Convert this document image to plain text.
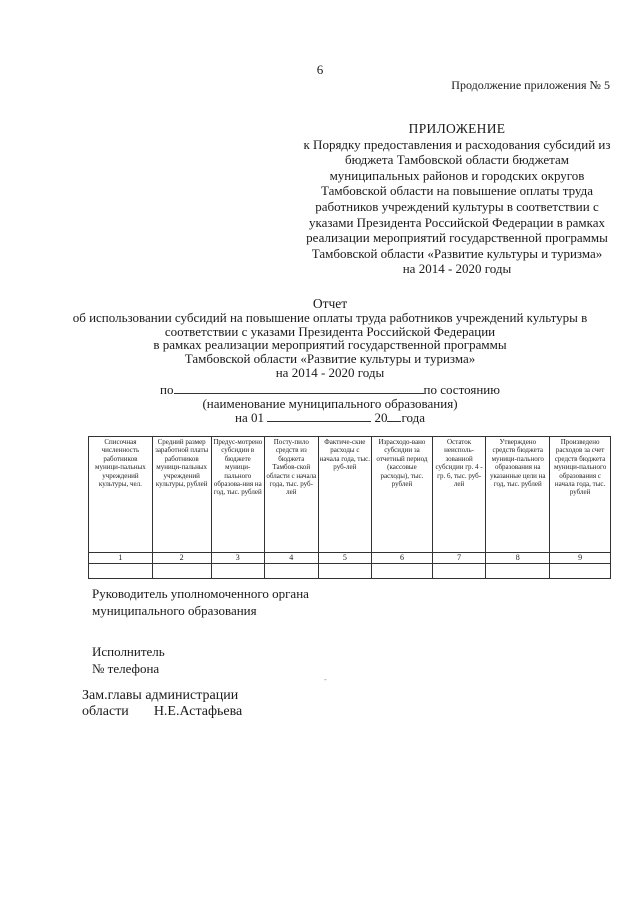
6
Продолжение приложения № 5
ПРИЛОЖЕНИЕ
к Порядку предоставления и расходования субсидий из
бюджета Тамбовской области бюджетам
муниципальных районов и городских округов
Тамбовской области на повышение оплаты труда
работников учреждений культуры в соответствии с
указами Президента Российской Федерации в рамках
реализации мероприятий государственной программы
Тамбовской области «Развитие культуры и туризма»
на 2014 - 2020 годы
Отчет
об использовании субсидий на повышение оплаты труда работников учреждений культуры в
соответствии с указами Президента Российской Федерации
в рамках реализации мероприятий государственной программы
Тамбовской области «Развитие культуры и туризма»
на 2014 - 2020 годы
по	по состоянию
(наименование муниципального образования)
на 01	20 года
Списочная численность работников муници-пальных учреждений культуры, чел.	Средний размер заработной платы работников муници-пальных учреждений культуры, рублей	Предус-мотрено субсидии в бюджете муници-пального образова-ния на год, тыс. рублей	Посту-пило средств из бюджета Тамбов-ской области с начала года, тыс. руб-лей	Фактиче-ские расходы с начала года, тыс. руб-лей	Израсходо-вано субсидии за отчетный период (кассовые расходы), тыс. рублей	Остаток неисполь-зованной субсидии гр. 4 - гр. 6, тыс. руб-лей	Утверждено средств бюджета муници-пального образования на указанные цели на год, тыс. рублей	Произведено расходов за счет средств бюджета муници-пального образования с начала года, тыс. рублей
1	2	3	4	5	6	7	8	9

Руководитель уполномоченного органа
муниципального образования
Исполнитель
№ телефона
-
Зам.главы администрации
области Н.Е.Астафьева
